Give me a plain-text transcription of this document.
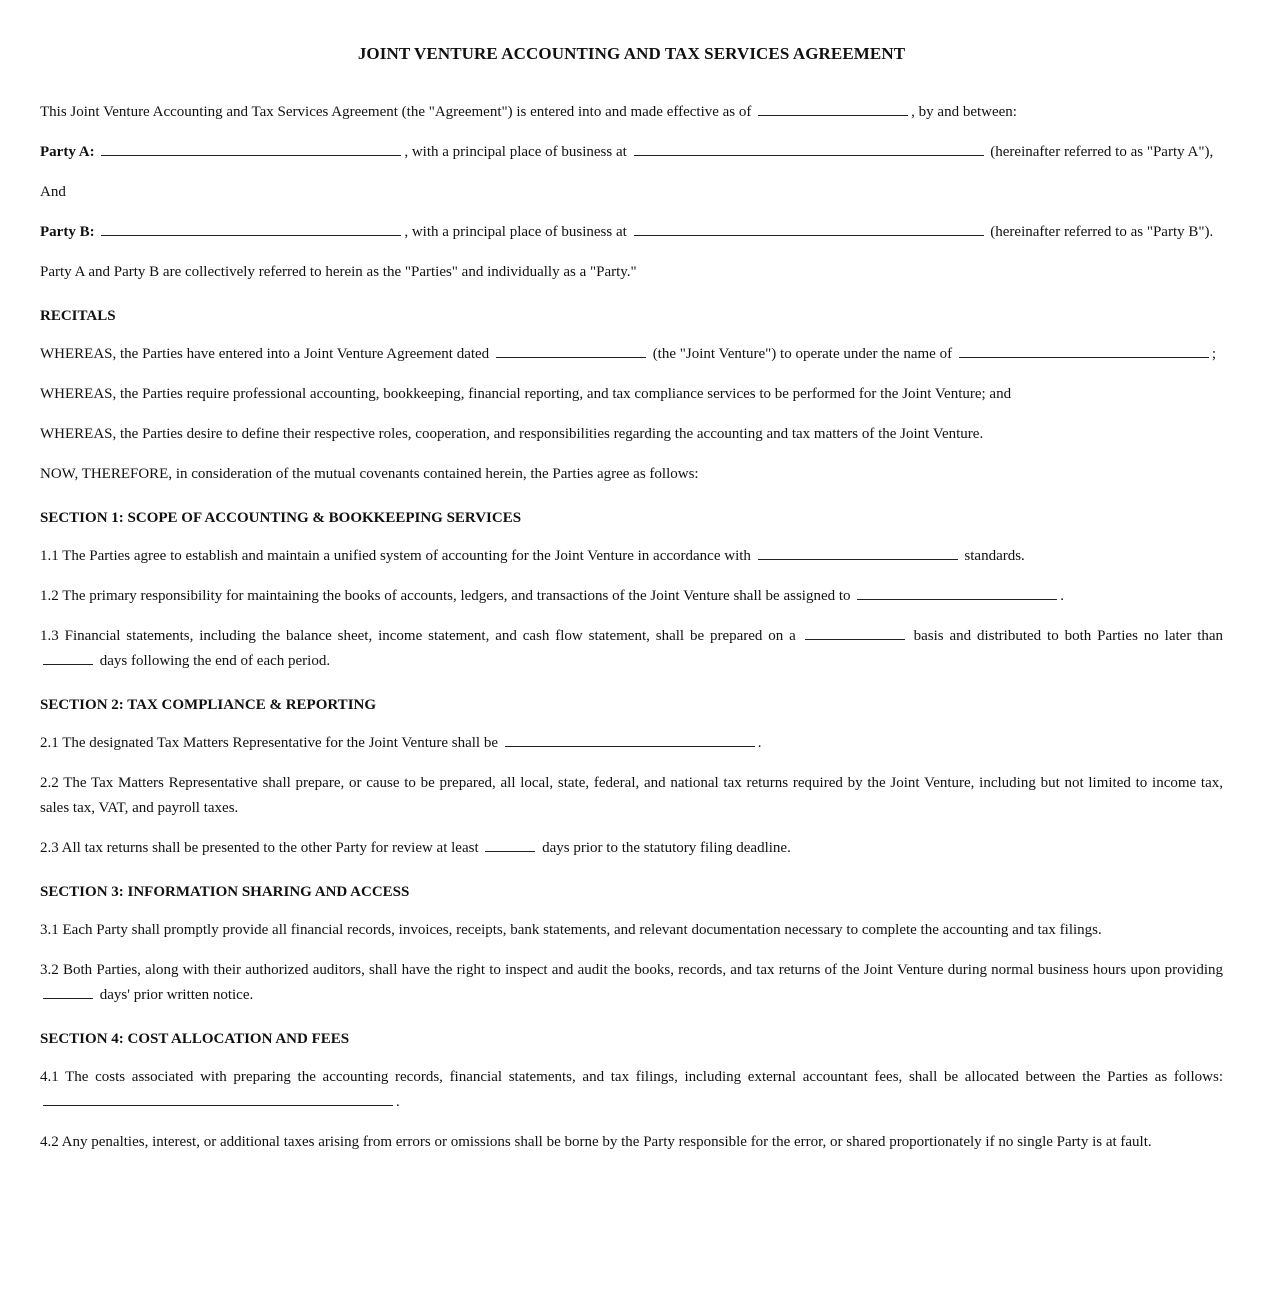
JOINT VENTURE ACCOUNTING AND TAX SERVICES AGREEMENT

This Joint Venture Accounting and Tax Services Agreement (the "Agreement") is entered into and made effective as of	, by and between:

Party A:	, with a principal place of business at	(hereinafter referred to as "Party A"),

And

Party B:	, with a principal place of business at	(hereinafter referred to as "Party B").

Party A and Party B are collectively referred to herein as the "Parties" and individually as a "Party."

RECITALS

WHEREAS, the Parties have entered into a Joint Venture Agreement dated	(the "Joint Venture") to operate under the name of	;

WHEREAS, the Parties require professional accounting, bookkeeping, financial reporting, and tax compliance services to be performed for the Joint Venture; and

WHEREAS, the Parties desire to define their respective roles, cooperation, and responsibilities regarding the accounting and tax matters of the Joint Venture.

NOW, THEREFORE, in consideration of the mutual covenants contained herein, the Parties agree as follows:

SECTION 1: SCOPE OF ACCOUNTING & BOOKKEEPING SERVICES

1.1 The Parties agree to establish and maintain a unified system of accounting for the Joint Venture in accordance with	standards.

1.2 The primary responsibility for maintaining the books of accounts, ledgers, and transactions of the Joint Venture shall be assigned to	.

1.3 Financial statements, including the balance sheet, income statement, and cash flow statement, shall be prepared on a	basis and distributed to both Parties no later than  days following the end of each period.

SECTION 2: TAX COMPLIANCE & REPORTING

2.1 The designated Tax Matters Representative for the Joint Venture shall be	.

2.2 The Tax Matters Representative shall prepare, or cause to be prepared, all local, state, federal, and national tax returns required by the Joint Venture, including but not limited to income tax, sales tax, VAT, and payroll taxes.

2.3 All tax returns shall be presented to the other Party for review at least	days prior to the statutory filing deadline.

SECTION 3: INFORMATION SHARING AND ACCESS

3.1 Each Party shall promptly provide all financial records, invoices, receipts, bank statements, and relevant documentation necessary to complete the accounting and tax filings.

3.2 Both Parties, along with their authorized auditors, shall have the right to inspect and audit the books, records, and tax returns of the Joint Venture during normal business hours upon providing  days' prior written notice.

SECTION 4: COST ALLOCATION AND FEES

4.1 The costs associated with preparing the accounting records, financial statements, and tax filings, including external accountant fees, shall be allocated between the Parties as follows: .

4.2 Any penalties, interest, or additional taxes arising from errors or omissions shall be borne by the Party responsible for the error, or shared proportionately if no single Party is at fault.
